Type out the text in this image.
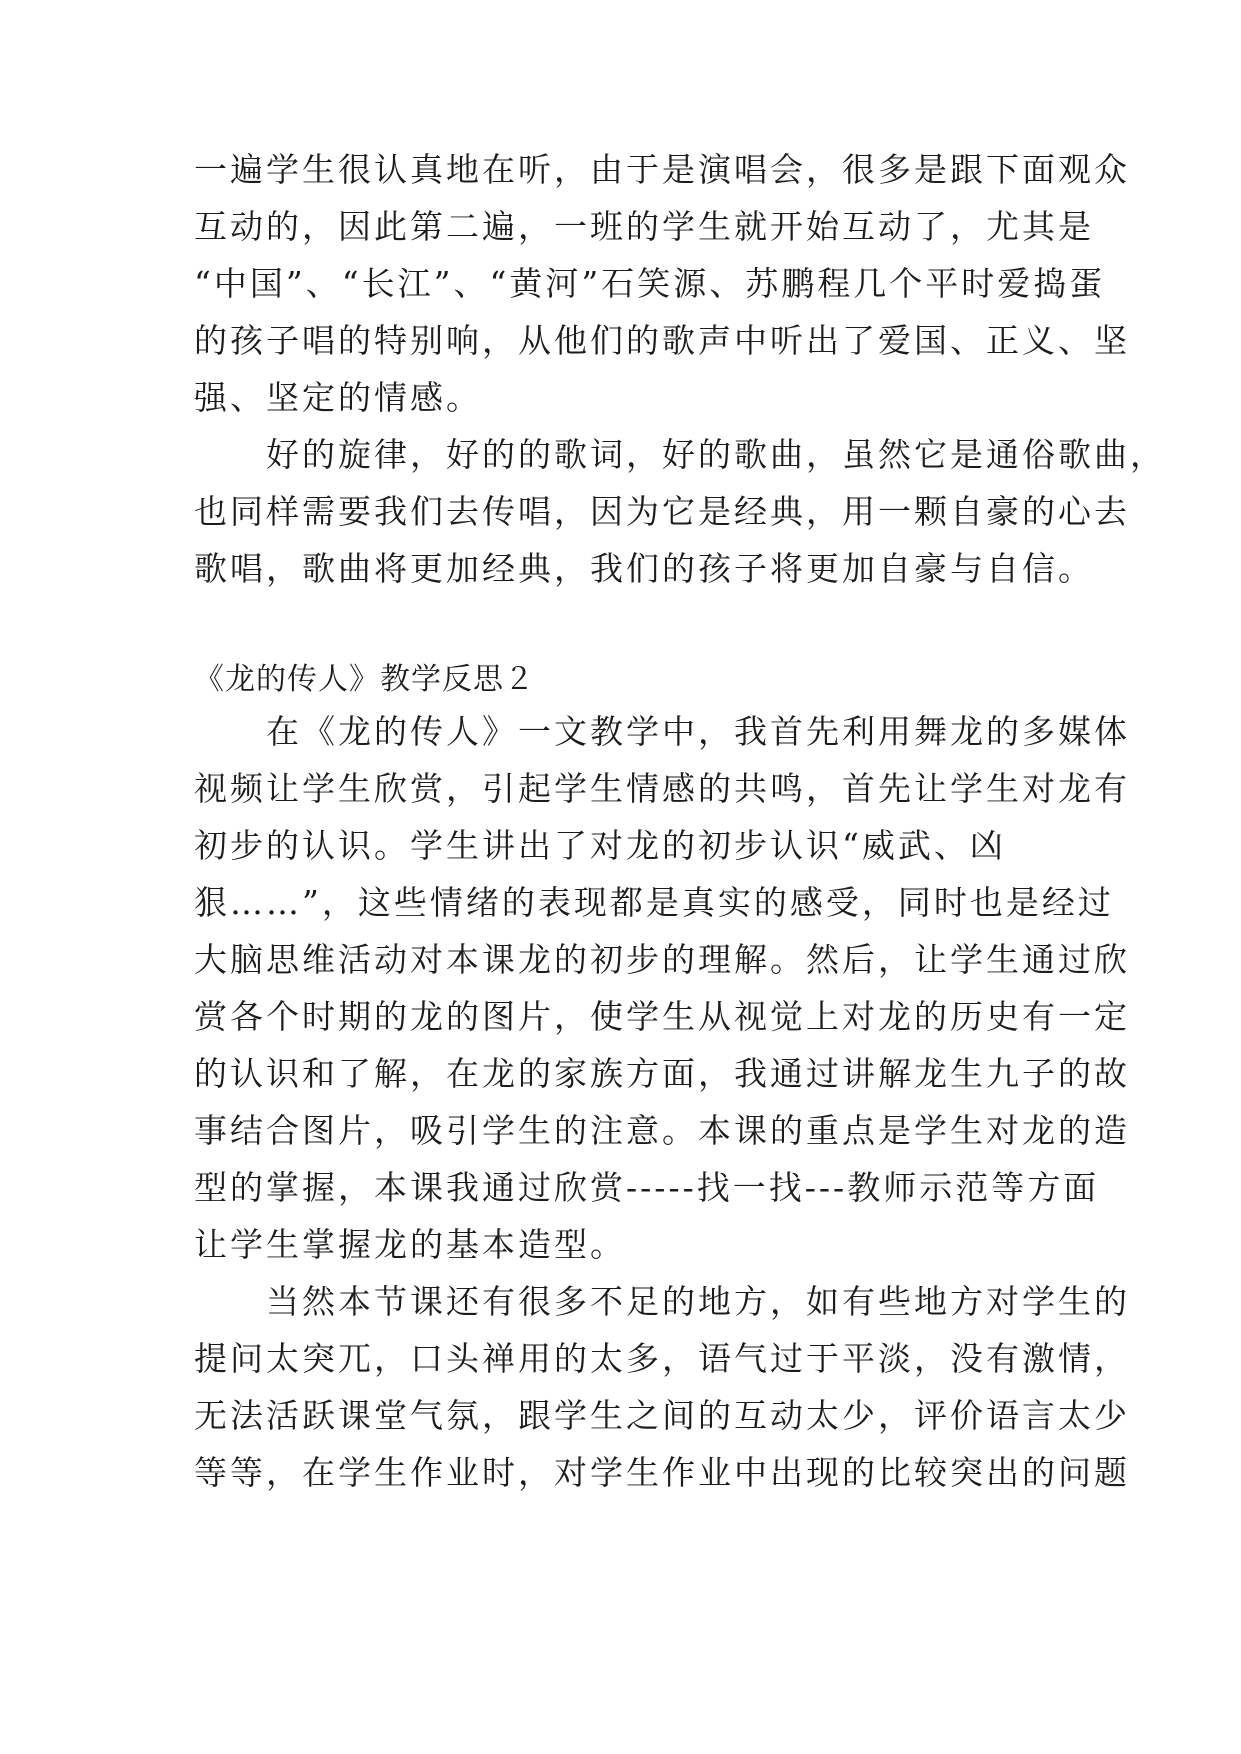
一遍学生很认真地在听，由于是演唱会，很多是跟下面观众
互动的，因此第二遍，一班的学生就开始互动了，尤其是
“中国”、“长江”、“黄河”石笑源、苏鹏程几个平时爱捣蛋
的孩子唱的特别响，从他们的歌声中听出了爱国、正义、坚
强、坚定的情感。
　　好的旋律，好的的歌词，好的歌曲，虽然它是通俗歌曲，
也同样需要我们去传唱，因为它是经典，用一颗自豪的心去
歌唱，歌曲将更加经典，我们的孩子将更加自豪与自信。
《龙的传人》教学反思２
　　在《龙的传人》一文教学中，我首先利用舞龙的多媒体
视频让学生欣赏，引起学生情感的共鸣，首先让学生对龙有
初步的认识。学生讲出了对龙的初步认识“威武、凶
狠……”，这些情绪的表现都是真实的感受，同时也是经过
大脑思维活动对本课龙的初步的理解。然后，让学生通过欣
赏各个时期的龙的图片，使学生从视觉上对龙的历史有一定
的认识和了解，在龙的家族方面，我通过讲解龙生九子的故
事结合图片，吸引学生的注意。本课的重点是学生对龙的造
型的掌握，本课我通过欣赏-----找一找---教师示范等方面
让学生掌握龙的基本造型。
　　当然本节课还有很多不足的地方，如有些地方对学生的
提问太突兀，口头禅用的太多，语气过于平淡，没有激情，
无法活跃课堂气氛，跟学生之间的互动太少，评价语言太少
等等，在学生作业时，对学生作业中出现的比较突出的问题
